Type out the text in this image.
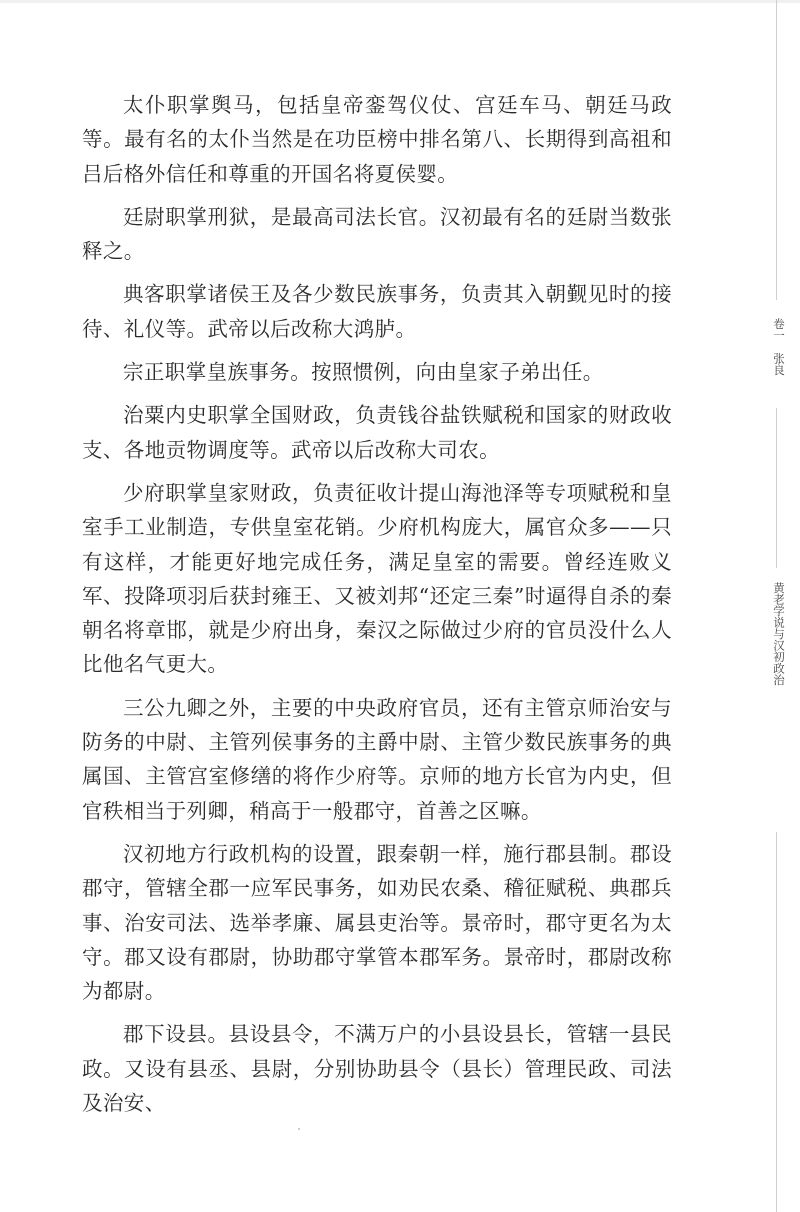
太仆职掌舆马，包括皇帝銮驾仪仗、宫廷车马、朝廷马政等。最有名的太仆当然是在功臣榜中排名第八、长期得到高祖和吕后格外信任和尊重的开国名将夏侯婴。

廷尉职掌刑狱，是最高司法长官。汉初最有名的廷尉当数张释之。

典客职掌诸侯王及各少数民族事务，负责其入朝觐见时的接待、礼仪等。武帝以后改称大鸿胪。

宗正职掌皇族事务。按照惯例，向由皇家子弟出任。

治粟内史职掌全国财政，负责钱谷盐铁赋税和国家的财政收支、各地贡物调度等。武帝以后改称大司农。

少府职掌皇家财政，负责征收计提山海池泽等专项赋税和皇室手工业制造，专供皇室花销。少府机构庞大，属官众多——只有这样，才能更好地完成任务，满足皇室的需要。曾经连败义军、投降项羽后获封雍王、又被刘邦“还定三秦”时逼得自杀的秦朝名将章邯，就是少府出身，秦汉之际做过少府的官员没什么人比他名气更大。

三公九卿之外，主要的中央政府官员，还有主管京师治安与防务的中尉、主管列侯事务的主爵中尉、主管少数民族事务的典属国、主管宫室修缮的将作少府等。京师的地方长官为内史，但官秩相当于列卿，稍高于一般郡守，首善之区嘛。

汉初地方行政机构的设置，跟秦朝一样，施行郡县制。郡设郡守，管辖全郡一应军民事务，如劝民农桑、稽征赋税、典郡兵事、治安司法、选举孝廉、属县吏治等。景帝时，郡守更名为太守。郡又设有郡尉，协助郡守掌管本郡军务。景帝时，郡尉改称为都尉。

郡下设县。县设县令，不满万户的小县设县长，管辖一县民政。又设有县丞、县尉，分别协助县令（县长）管理民政、司法及治安、

卷一　张良
黄老学说与汉初政治
